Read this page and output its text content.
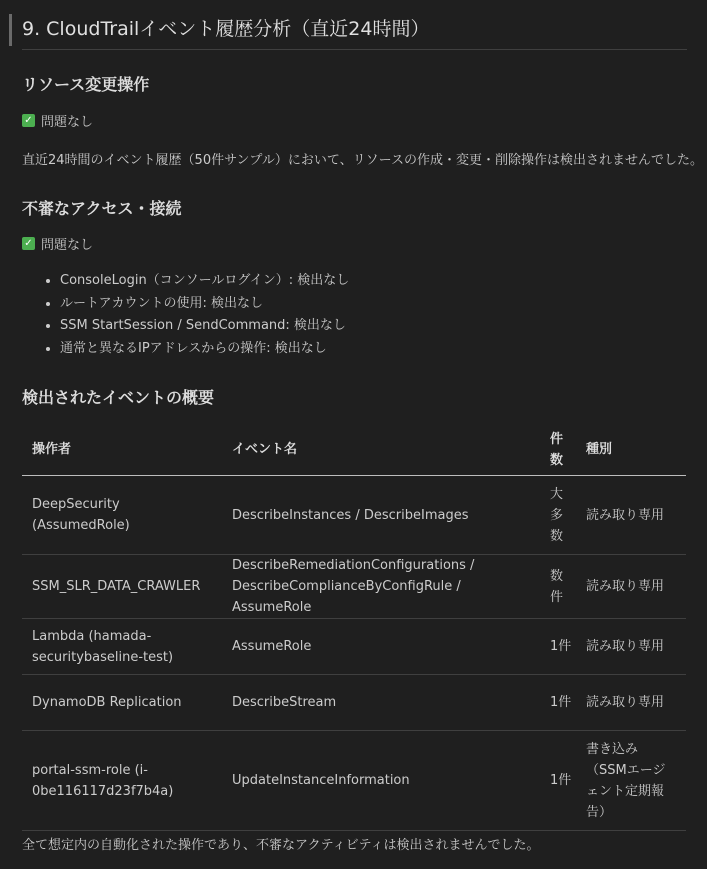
9. CloudTrailイベント履歴分析（直近24時間）
リソース変更操作
✓ 問題なし

直近24時間のイベント履歴（50件サンプル）において、リソースの作成・変更・削除操作は検出されませんでした。

不審なアクセス・接続
✓ 問題なし
• ConsoleLogin（コンソールログイン）: 検出なし
• ルートアカウントの使用: 検出なし
• SSM StartSession / SendCommand: 検出なし
• 通常と異なるIPアドレスからの操作: 検出なし
検出されたイベントの概要
操作者	イベント名	件数	種別
DeepSecurity (AssumedRole)	DescribeInstances / DescribeImages	大多数	読み取り専用
SSM_SLR_DATA_CRAWLER	DescribeRemediationConfigurations / DescribeComplianceByConfigRule / AssumeRole	数件	読み取り専用
Lambda (hamada-securitybaseline-test)	AssumeRole	1件	読み取り専用
DynamoDB Replication	DescribeStream	1件	読み取り専用
portal-ssm-role (i-0be116117d23f7b4a)	UpdateInstanceInformation	1件	書き込み（SSMエージェント定期報告）

全て想定内の自動化された操作であり、不審なアクティビティは検出されませんでした。
